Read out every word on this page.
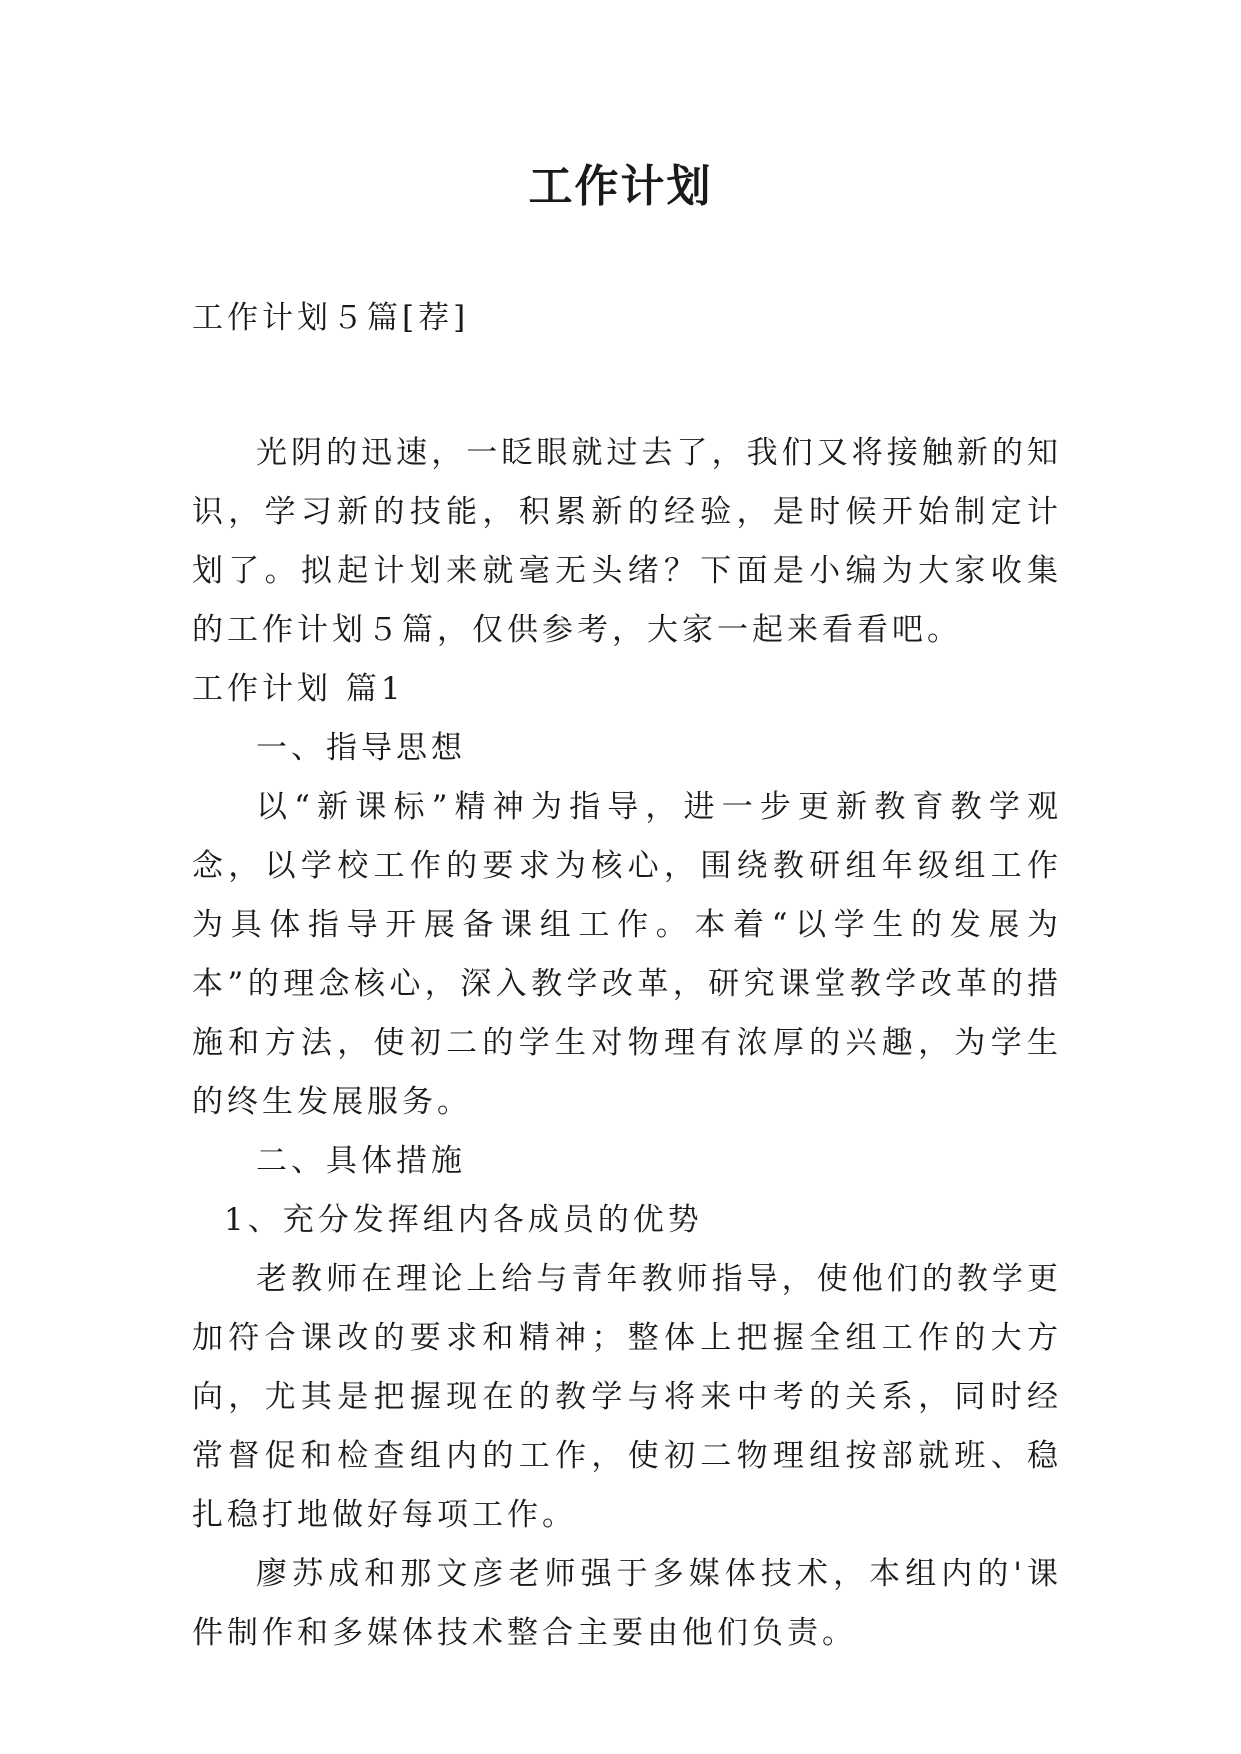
工作计划

工作计划５篇[荐]

光阴的迅速，一眨眼就过去了，我们又将接触新的知识，学习新的技能，积累新的经验，是时候开始制定计划了。拟起计划来就毫无头绪？下面是小编为大家收集的工作计划５篇，仅供参考，大家一起来看看吧。

工作计划 篇1

一、指导思想

以“新课标”精神为指导，进一步更新教育教学观念，以学校工作的要求为核心，围绕教研组年级组工作为具体指导开展备课组工作。本着“以学生的发展为本”的理念核心，深入教学改革，研究课堂教学改革的措施和方法，使初二的学生对物理有浓厚的兴趣，为学生的终生发展服务。

二、具体措施

1、充分发挥组内各成员的优势

老教师在理论上给与青年教师指导，使他们的教学更加符合课改的要求和精神；整体上把握全组工作的大方向，尤其是把握现在的教学与将来中考的关系，同时经常督促和检查组内的工作，使初二物理组按部就班、稳扎稳打地做好每项工作。

廖苏成和那文彦老师强于多媒体技术，本组内的'课件制作和多媒体技术整合主要由他们负责。
